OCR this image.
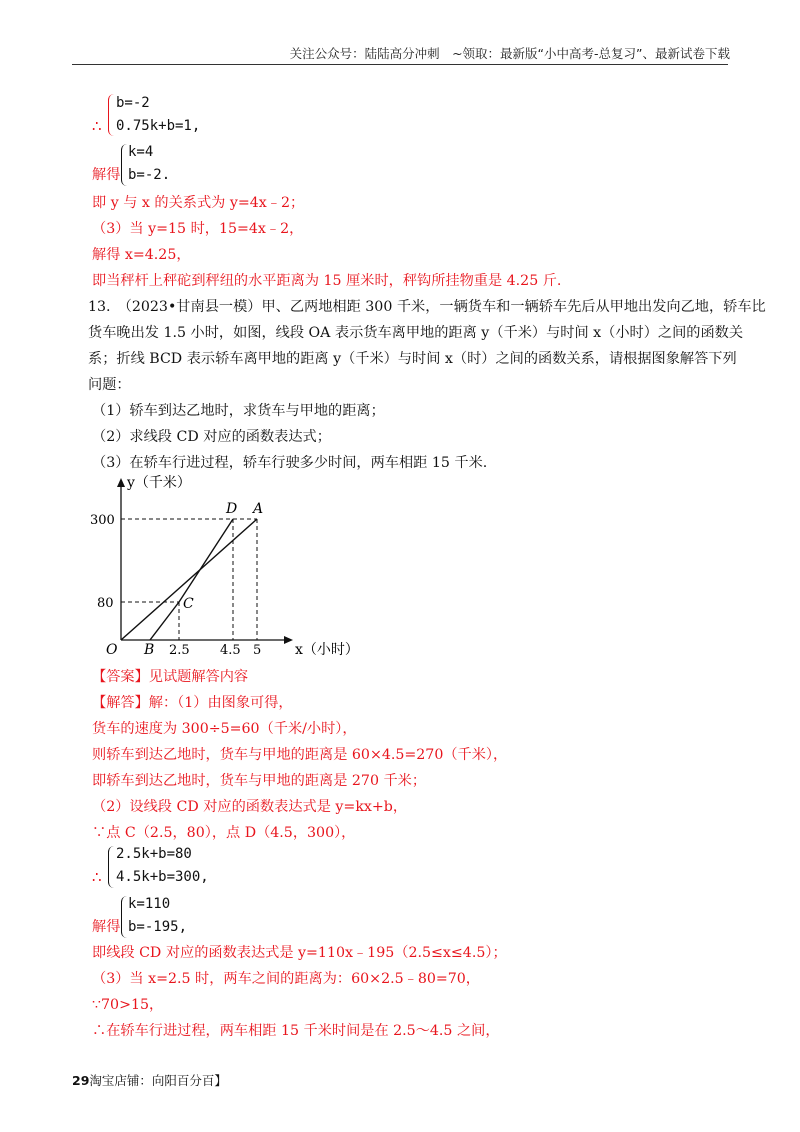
关注公众号：陆陆高分冲刺　~领取：最新版“小中高考-总复习”、最新试卷下载
b=-2
0.75k+b=1,
∴
解得
k=4
b=-2.
即 y 与 x 的关系式为 y=4x﹣2；
（3）当 y=15 时，15=4x﹣2，
解得 x=4.25，
即当秤杆上秤砣到秤纽的水平距离为 15 厘米时，秤钩所挂物重是 4.25 斤.
13.　（2023•甘南县一模）甲、乙两地相距 300 千米，一辆货车和一辆轿车先后从甲地出发向乙地，轿车比
货车晚出发 1.5 小时，如图，线段 OA 表示货车离甲地的距离 y（千米）与时间 x（小时）之间的函数关
系；折线 BCD 表示轿车离甲地的距离 y（千米）与时间 x（时）之间的函数关系，请根据图象解答下列
问题：
（1）轿车到达乙地时，求货车与甲地的距离；
（2）求线段 CD 对应的函数表达式；
（3）在轿车行进过程，轿车行驶多少时间，两车相距 15 千米.
y（千米）
x（小时）
O
300
80
2.5 4.5 5
A
D
C
B
【答案】见试题解答内容
【解答】解：（1）由图象可得，
货车的速度为 300÷5=60（千米/小时），
则轿车到达乙地时，货车与甲地的距离是 60×4.5=270（千米），
即轿车到达乙地时，货车与甲地的距离是 270 千米；
（2）设线段 CD 对应的函数表达式是 y=kx+b，
∵点 C（2.5，80），点 D（4.5，300），
2.5k+b=80
4.5k+b=300,
∴
解得
k=110
b=-195,
即线段 CD 对应的函数表达式是 y=110x﹣195（2.5≤x≤4.5）；
（3）当 x=2.5 时，两车之间的距离为：60×2.5﹣80=70，
∵70>15，
∴在轿车行进过程，两车相距 15 千米时间是在 2.5～4.5 之间，
29淘宝店铺：向阳百分百】
